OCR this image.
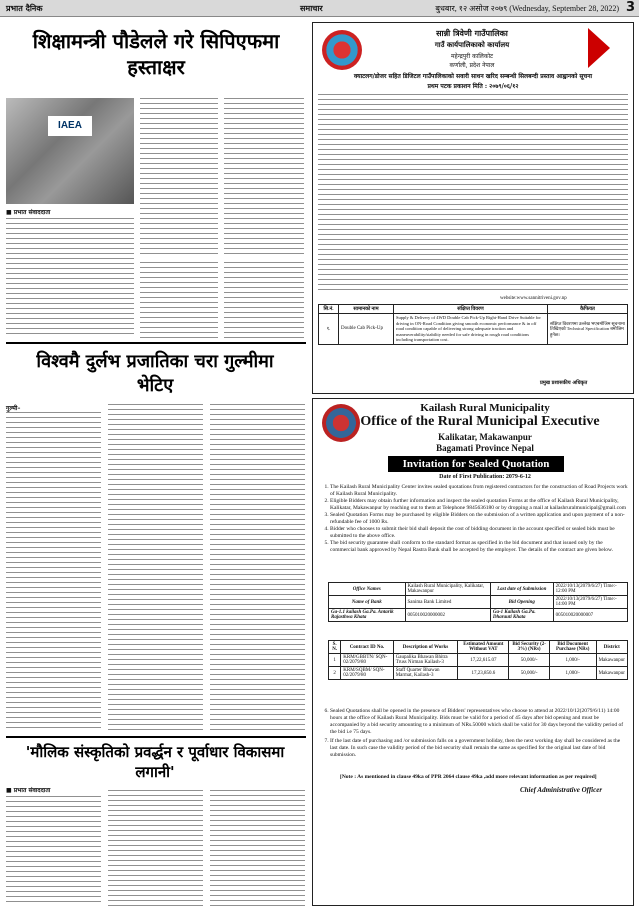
प्रभात दैनिक	समाचार	बुधबार, १२ असोज २०७९ (Wednesday, September 28, 2022) 3
शिक्षामन्त्री पौडेलले गरे सिपिएफमा हस्ताक्षर
IAEA
■ प्रभात संवाददाता
विश्वमै दुर्लभ प्रजातिका चरा गुल्मीमा भेटिए
गुल्मी–
'मौलिक संस्कृतिको प्रवर्द्धन र पूर्वाधार विकासमा लगानी'
■ प्रभात संवाददाता
सान्नी त्रिवेणी गाउँपालिका
गाउँ कार्यपालिकाको कार्यालय
महेन्द्रपुरी कालिकोट
कर्णाली, प्रदेश नेपाल
क्याटलग/डोजर सहित डिजिटल गाउँपालिकाको सवारी साधन खरिद सम्बन्धी सिलबन्दी प्रस्ताव आह्वानको सूचना
प्रथम पटक प्रकाशन मिति : २०७९/०६/१२
website:www.sannitriveni.gov.np
सि.नं.	सामानको नाम	संक्षिप्त विवरण	कैफियत
१.	Double Cab Pick-Up	Supply & Delivery of 4WD Double Cab Pick-Up Right-Hand Drive Suitable for driving in ON-Road Condition giving smooth economic performance & in off road condition capable of delivering strong adequate traction and maneuverability/stability needed for safe driving in rough road conditions including transportation cost.	संक्षिप्त विवरणमा उल्लेख भएबमोजिम सूचनामा तिखिएको Technical Specification बमोजिम हुनेछ।
प्रमुख प्रशासकीय अधिकृत
Kailash Rural Municipality
Office of the Rural Municipal Executive
Kalikatar, Makawanpur
Bagamati Province Nepal
Invitation for Sealed Quotation
Date of First Publication: 2079-6-12
1. The Kailash Rural Municipality Center invites sealed quotations from registered contractors for the construction of Road Projects work of Kailash Rural Municipality.
2. Eligible Bidders may obtain further information and inspect the sealed quotation Forms at the office of Kailash Rural Municipality, Kalikatar, Makawanpur by reaching out to them at Telephone 9845636180 or by dropping a mail at kailashruralmunicipal@gmail.com
3. Sealed Quotation Forms may be purchased by eligible Bidders on the submission of a written application and upon payment of a non-refundable fee of 1000 Rs.
4. Bidder who chooses to submit their bid shall deposit the cost of bidding document in the account specified or sealed bids must be submitted to the above office.
5. The bid security guarantee shall conform to the standard format as specified in the bid document and that issued only by the commercial bank approved by Nepal Rastra Bank shall be accepted by the employer. The details of the contract are given below.
Office Names	Kailash Rural Municipality, Kalikatar, Makawanpur	Last date of Submission	2022/10/13(2079/6/27) Time:- 12:00 PM
Name of Bank	Sanima Bank Limited	Bid Opening	2022/10/13(2079/6/27) Time:- 14:00 PM
Ga-1.1 kailash Ga.Pa. Antarik Rajasthwa Khata	005010020000002	Ga-1 Kailash Ga.Pa. Dharauti Khata	005010020000007
S. N.	Contract ID No.	Description of Works	Estimated Amount Without VAT	Bid Security (2-3%) (NRs)	Bid Document Purchase (NRs)	District
1	KRM/GBBTN/ SQN-02/2079/80	Gaupalika Bhawan Bhitra Truss Nirman Kailash-3	17,22,615.07	50,000/-	1,000/-	Makawanpur
2	KRM/SQBM/ SQN-02/2079/80	Staff Quarter Bhawan Marmat, Kailash-3	17,23,850.6	50,000/-	1,000/-	Makawanpur
6. Sealed Quotations shall be opened in the presence of Bidders' representatives who choose to attend at 2022/10/12(2079/6/11) 14:00 hours at the office of Kailash Rural Municipality. Bids must be valid for a period of 45 days after bid opening and must be accompanied by a bid security amounting to a minimum of NRs.50000 which shall be valid for 30 days beyond the validity period of the bid i.e 75 days.
7. If the last date of purchasing and /or submission falls on a government holiday, then the next working day shall be considered as the last date. In such case the validity period of the bid security shall remain the same as specified for the original last date of bid submission.
[Note : As mentioned in clause 49ka of PPR 2064 clause 49ka ,add more relevant information as per required]
Chief Administrative Officer
